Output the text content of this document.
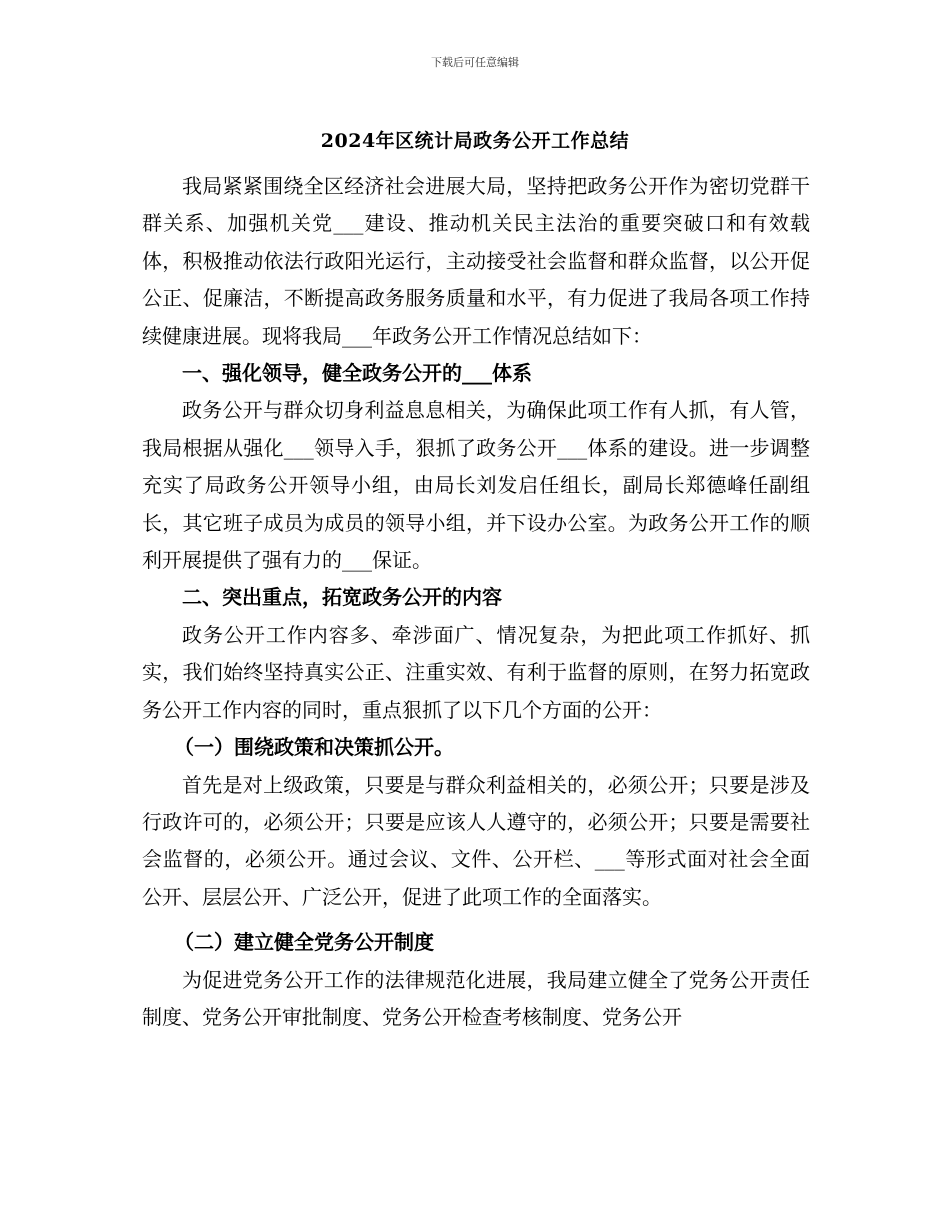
下载后可任意编辑
2024年区统计局政务公开工作总结

我局紧紧围绕全区经济社会进展大局，坚持把政务公开作为密切党群干群关系、加强机关党___建设、推动机关民主法治的重要突破口和有效载体，积极推动依法行政阳光运行，主动接受社会监督和群众监督，以公开促公正、促廉洁，不断提高政务服务质量和水平，有力促进了我局各项工作持续健康进展。现将我局___年政务公开工作情况总结如下：

一、强化领导，健全政务公开的___体系

政务公开与群众切身利益息息相关，为确保此项工作有人抓，有人管，我局根据从强化___领导入手，狠抓了政务公开___体系的建设。进一步调整充实了局政务公开领导小组，由局长刘发启任组长，副局长郑德峰任副组长，其它班子成员为成员的领导小组，并下设办公室。为政务公开工作的顺利开展提供了强有力的___保证。

二、突出重点，拓宽政务公开的内容

政务公开工作内容多、牵涉面广、情况复杂，为把此项工作抓好、抓实，我们始终坚持真实公正、注重实效、有利于监督的原则，在努力拓宽政务公开工作内容的同时，重点狠抓了以下几个方面的公开：

（一）围绕政策和决策抓公开。

首先是对上级政策，只要是与群众利益相关的，必须公开；只要是涉及行政许可的，必须公开；只要是应该人人遵守的，必须公开；只要是需要社会监督的，必须公开。通过会议、文件、公开栏、___等形式面对社会全面公开、层层公开、广泛公开，促进了此项工作的全面落实。

（二）建立健全党务公开制度

为促进党务公开工作的法律规范化进展，我局建立健全了党务公开责任制度、党务公开审批制度、党务公开检查考核制度、党务公开
